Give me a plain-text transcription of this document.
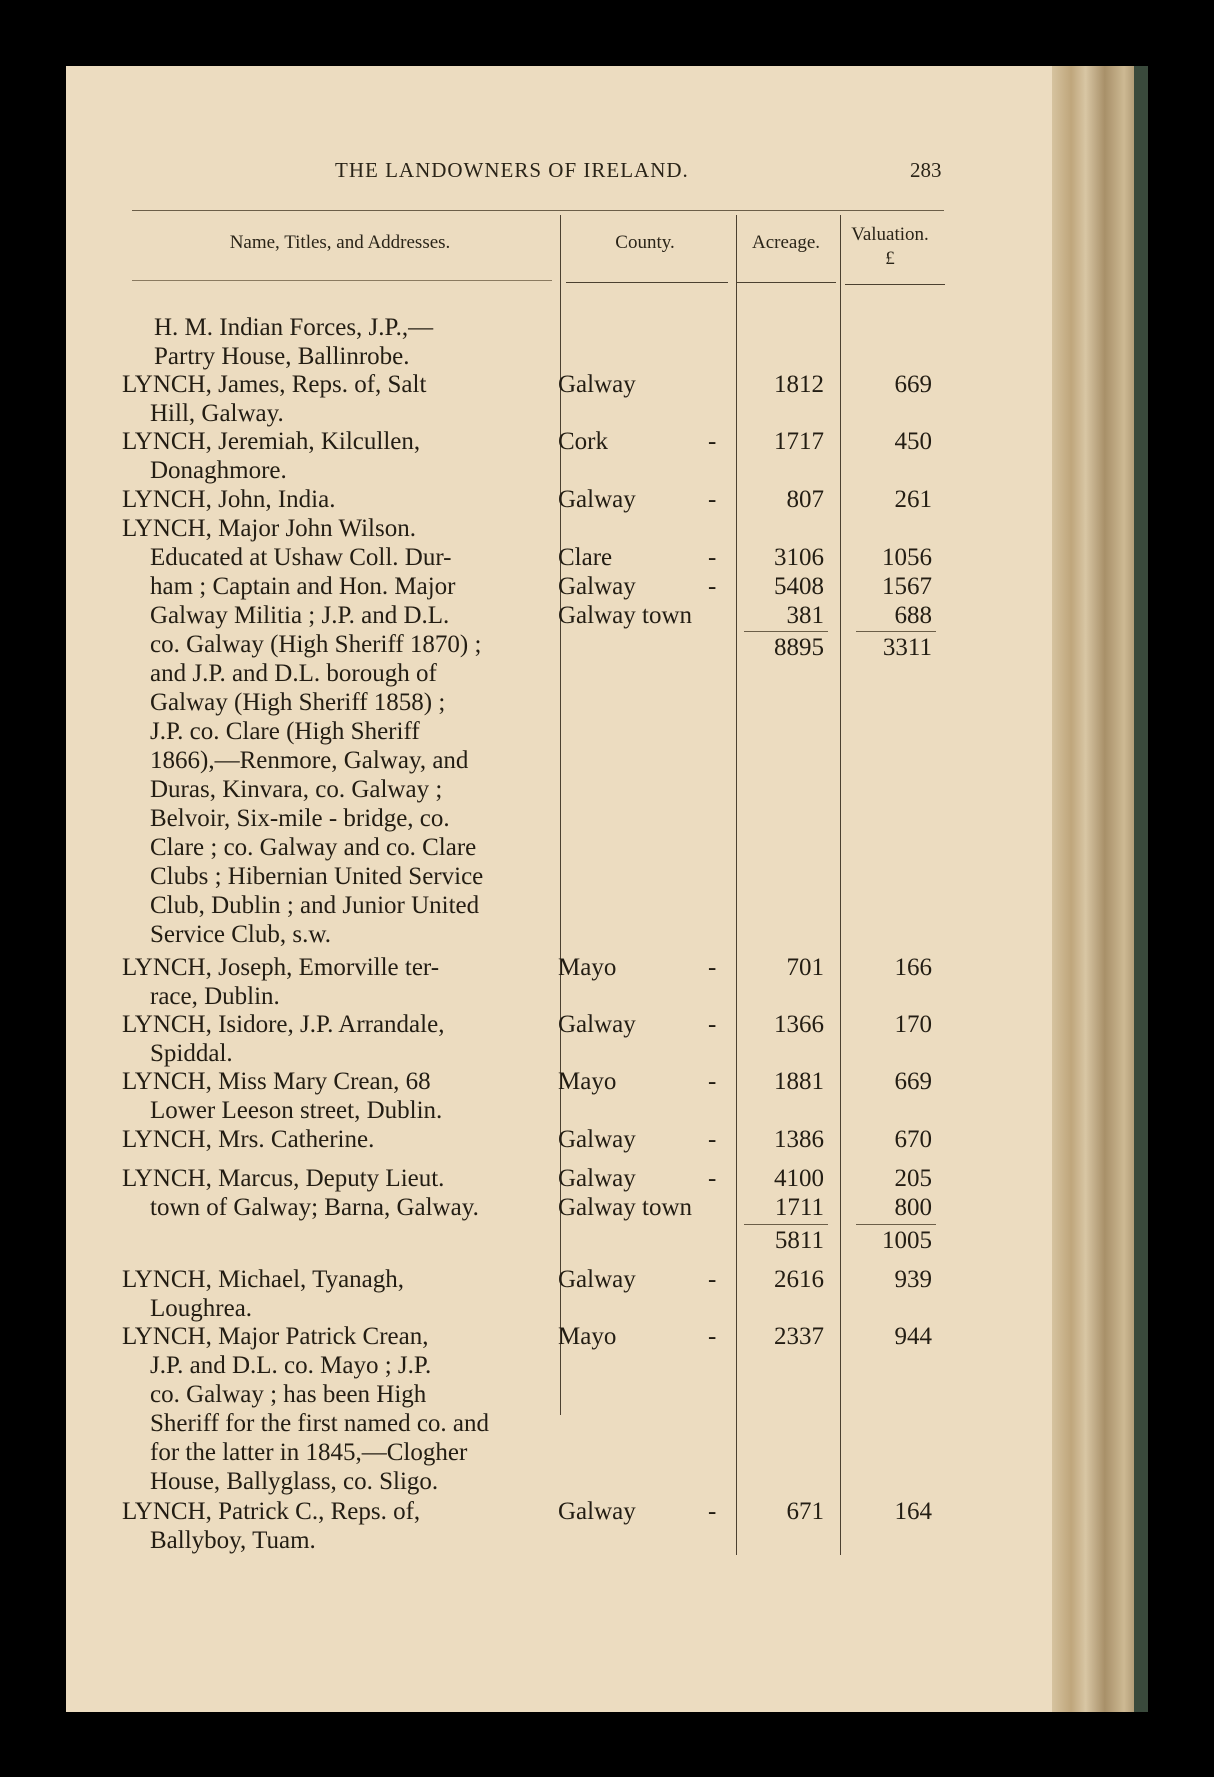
THE LANDOWNERS OF IRELAND.	283
Name, Titles, and Addresses.	County.	Acreage.	Valuation.
£
H. M. Indian Forces, J.P.,—
Partry House, Ballinrobe.
LYNCH, James, Reps. of, Salt
Hill, Galway.
Galway	1812	669
LYNCH, Jeremiah, Kilcullen,
Donaghmore.
Cork	-	1717	450
LYNCH, John, India.	Galway	-	807	261
LYNCH, Major John Wilson.
Educated at Ushaw Coll. Dur-
ham ; Captain and Hon. Major
Galway Militia ; J.P. and D.L.
co. Galway (High Sheriff 1870) ;
and J.P. and D.L. borough of
Galway (High Sheriff 1858) ;
J.P. co. Clare (High Sheriff
1866),—Renmore, Galway, and
Duras, Kinvara, co. Galway ;
Belvoir, Six-mile - bridge, co.
Clare ; co. Galway and co. Clare
Clubs ; Hibernian United Service
Club, Dublin ; and Junior United
Service Club, s.w.
Clare	-	3106	1056
Galway	-	5408	1567
Galway town	381	688
8895	3311
LYNCH, Joseph, Emorville ter-
race, Dublin.
Mayo	-	701	166
LYNCH, Isidore, J.P. Arrandale,
Spiddal.
Galway	-	1366	170
LYNCH, Miss Mary Crean, 68
Lower Leeson street, Dublin.
Mayo	-	1881	669
LYNCH, Mrs. Catherine.	Galway	-	1386	670
LYNCH, Marcus, Deputy Lieut.
town of Galway; Barna, Galway.
Galway	-	4100	205
Galway town	1711	800
5811	1005
LYNCH, Michael, Tyanagh,
Loughrea.
Galway	-	2616	939
LYNCH, Major Patrick Crean,
J.P. and D.L. co. Mayo ; J.P.
co. Galway ; has been High
Sheriff for the first named co. and
for the latter in 1845,—Clogher
House, Ballyglass, co. Sligo.
Mayo	-	2337	944
LYNCH, Patrick C., Reps. of,
Ballyboy, Tuam.
Galway	-	671	164
